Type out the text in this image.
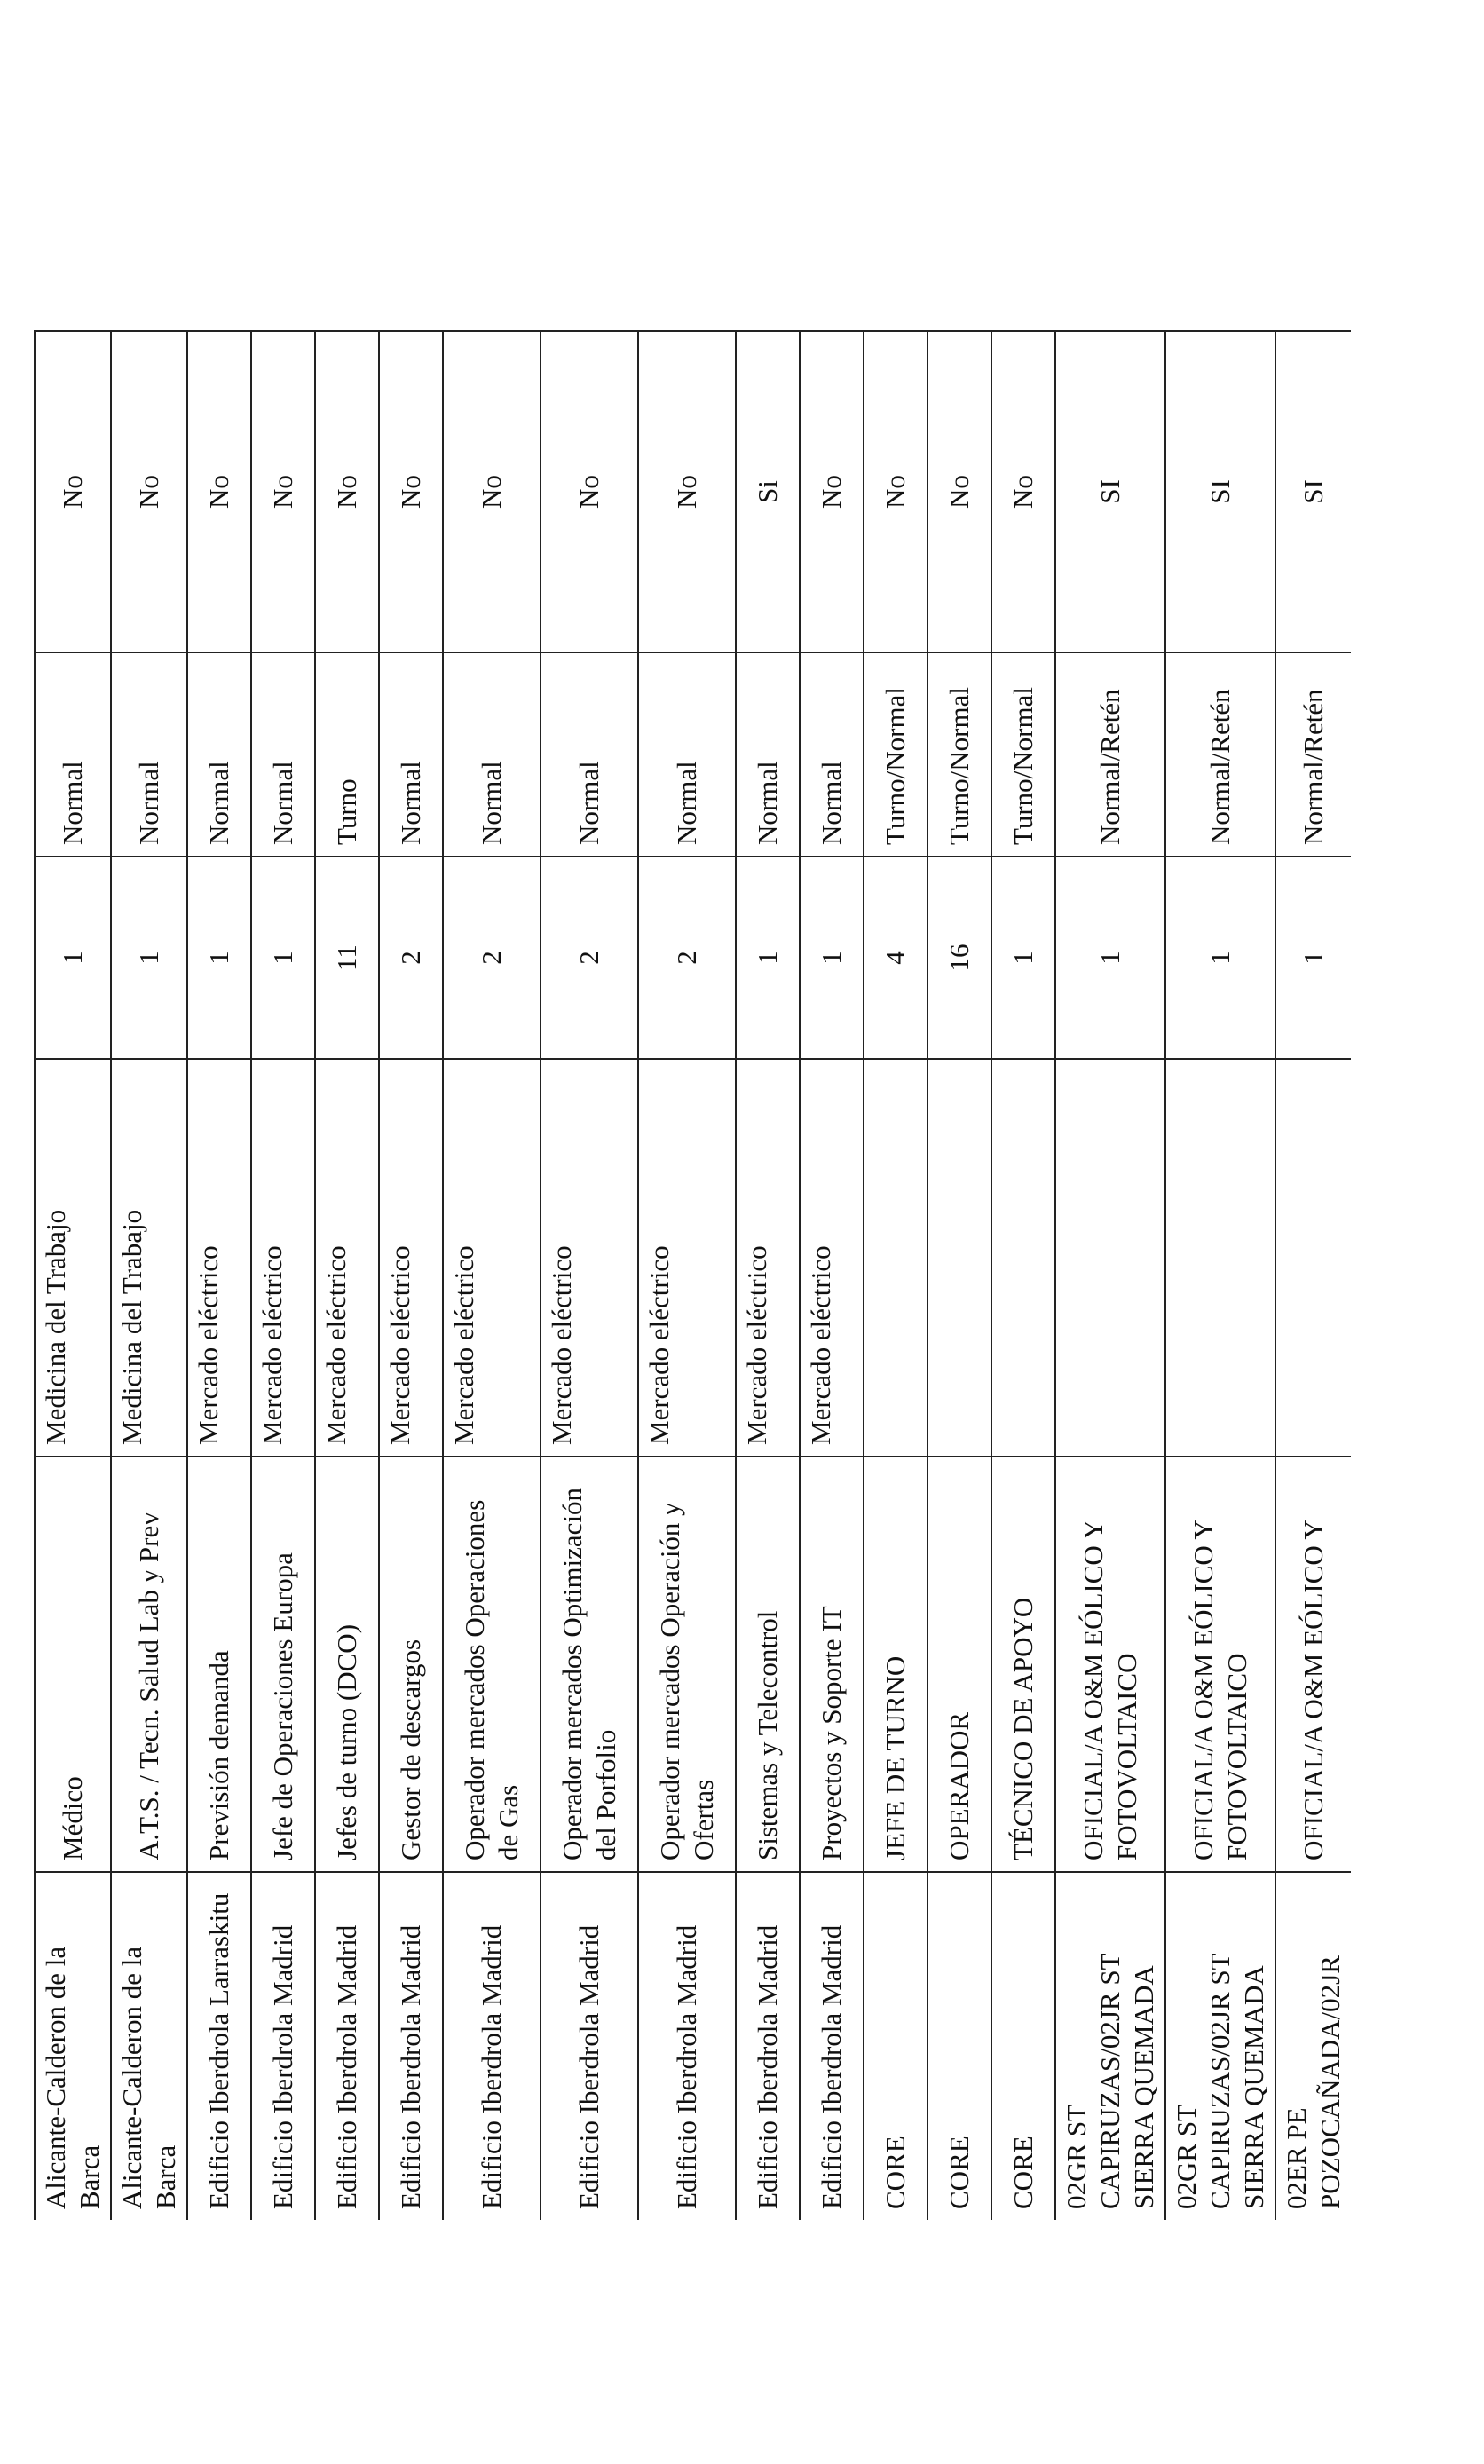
Alicante-Calderon de la Barca	Médico	Medicina del Trabajo	1	Normal	No
Alicante-Calderon de la Barca	A.T.S. / Tecn. Salud Lab y Prev	Medicina del Trabajo	1	Normal	No
Edificio Iberdrola Larraskitu	Previsión demanda	Mercado eléctrico	1	Normal	No
Edificio Iberdrola Madrid	Jefe de Operaciones Europa	Mercado eléctrico	1	Normal	No
Edificio Iberdrola Madrid	Jefes de turno (DCO)	Mercado eléctrico	11	Turno	No
Edificio Iberdrola Madrid	Gestor de descargos	Mercado eléctrico	2	Normal	No
Edificio Iberdrola Madrid	Operador mercados Operaciones de Gas	Mercado eléctrico	2	Normal	No
Edificio Iberdrola Madrid	Operador mercados Optimización del Porfolio	Mercado eléctrico	2	Normal	No
Edificio Iberdrola Madrid	Operador mercados Operación y Ofertas	Mercado eléctrico	2	Normal	No
Edificio Iberdrola Madrid	Sistemas y Telecontrol	Mercado eléctrico	1	Normal	Si
Edificio Iberdrola Madrid	Proyectos y Soporte IT	Mercado eléctrico	1	Normal	No
CORE	JEFE DE TURNO		4	Turno/Normal	No
CORE	OPERADOR		16	Turno/Normal	No
CORE	TÉCNICO DE APOYO		1	Turno/Normal	No
02GR ST CAPIRUZAS/02JR ST SIERRA QUEMADA	OFICIAL/A O&M EÓLICO Y FOTOVOLTAICO		1	Normal/Retén	SI
02GR ST CAPIRUZAS/02JR ST SIERRA QUEMADA	OFICIAL/A O&M EÓLICO Y FOTOVOLTAICO		1	Normal/Retén	SI
02ER PE POZOCAÑADA/02JR	OFICIAL/A O&M EÓLICO Y		1	Normal/Retén	SI
